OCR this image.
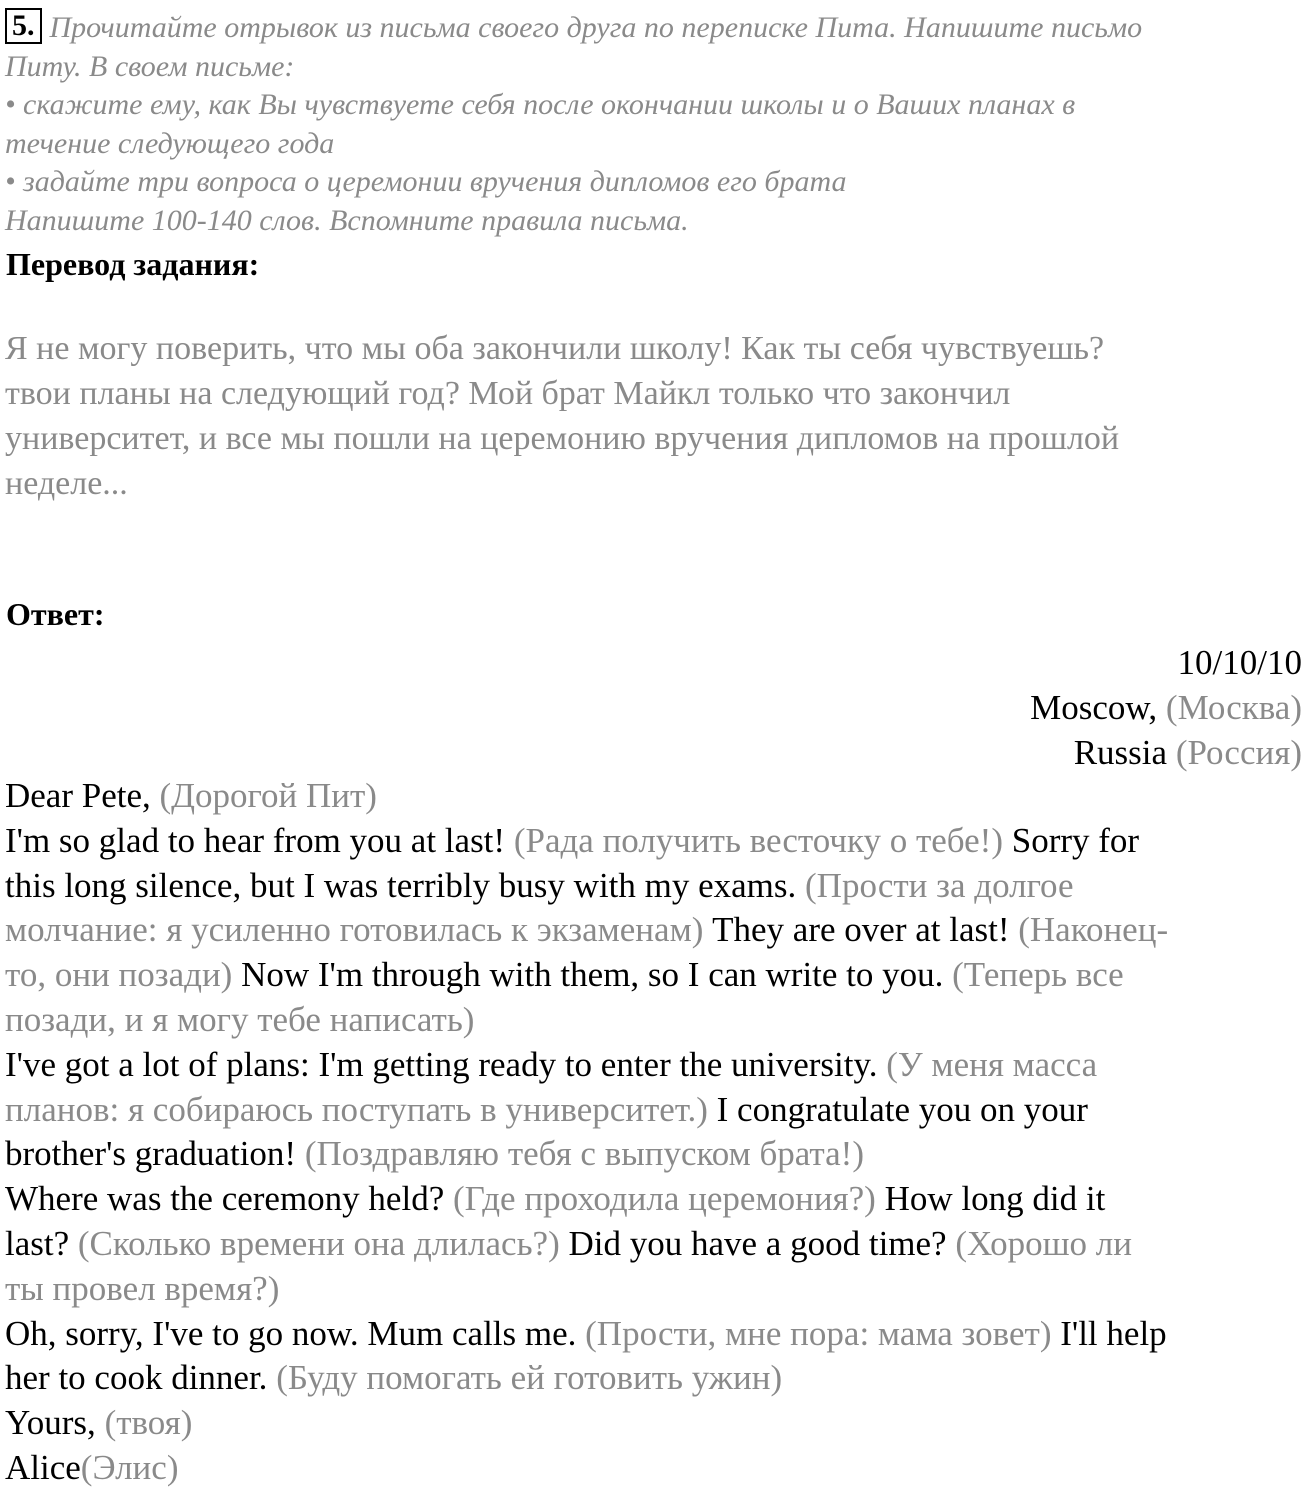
5. Прочитайте отрывок из письма своего друга по переписке Пита. Напишите письмо
Питу. В своем письме:
• скажите ему, как Вы чувствуете себя после окончании школы и о Ваших планах в
течение следующего года
• задайте три вопроса о церемонии вручения дипломов его брата
Напишите 100-140 слов. Вспомните правила письма.
Перевод задания:
Я не могу поверить, что мы оба закончили школу! Как ты себя чувствуешь?
твои планы на следующий год? Мой брат Майкл только что закончил
университет, и все мы пошли на церемонию вручения дипломов на прошлой
неделе...
Ответ:
10/10/10
Moscow, (Москва)
Russia (Россия)
Dear Pete, (Дорогой Пит)
I'm so glad to hear from you at last! (Рада получить весточку о тебе!) Sorry for
this long silence, but I was terribly busy with my exams. (Прости за долгое
молчание: я усиленно готовилась к экзаменам) They are over at last! (Наконец-
то, они позади) Now I'm through with them, so I can write to you. (Теперь все
позади, и я могу тебе написать)
I've got a lot of plans: I'm getting ready to enter the university. (У меня масса
планов: я собираюсь поступать в университет.) I congratulate you on your
brother's graduation! (Поздравляю тебя с выпуском брата!)
Where was the ceremony held? (Где проходила церемония?) How long did it
last? (Сколько времени она длилась?) Did you have a good time? (Хорошо ли
ты провел время?)
Oh, sorry, I've to go now. Mum calls me. (Прости, мне пора: мама зовет) I'll help
her to cook dinner. (Буду помогать ей готовить ужин)
Yours, (твоя)
Alice(Элис)
